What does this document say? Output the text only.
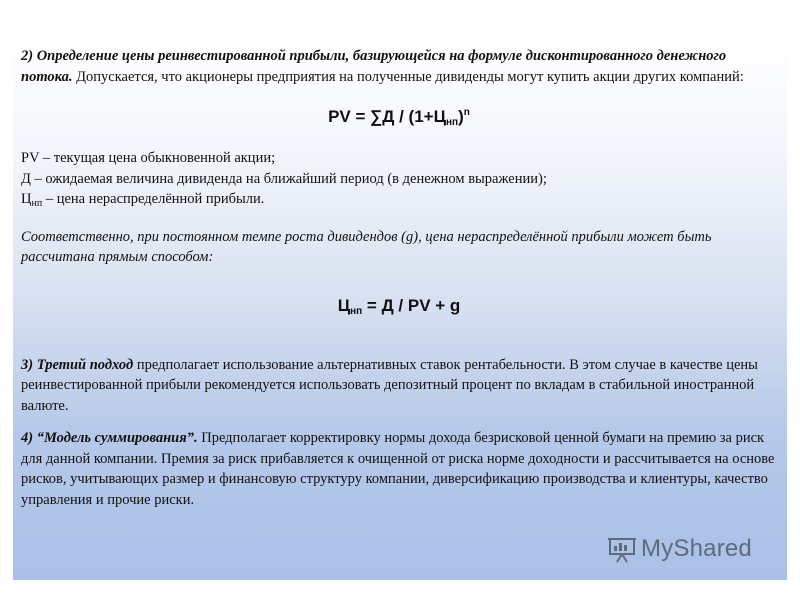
2) Определение цены реинвестированной прибыли, базирующейся на формуле дисконтированного денежного потока. Допускается, что акционеры предприятия на полученные дивиденды могут купить акции других компаний:

PV = $\sum Д / (1+Ц_{нп})^n$

PV – текущая цена обыкновенной акции;

Д – ожидаемая величина дивиденда на ближайший период (в денежном выражении);

$Ц_{нп}$ – цена нераспределённой прибыли.

Соответственно, при постоянном темпе роста дивидендов (g), цена нераспределённой прибыли может быть рассчитана прямым способом:

$Ц_{нп} = Д$ / PV + g

3) Третий подход предполагает использование альтернативных ставок рентабельности. В этом случае в качестве цены реинвестированной прибыли рекомендуется использовать депозитный процент по вкладам в стабильной иностранной валюте.

4) “Модель суммирования”. Предполагает корректировку нормы дохода безрисковой ценной бумаги на премию за риск для данной компании. Премия за риск прибавляется к очищенной от риска норме доходности и рассчитывается на основе рисков, учитывающих размер и финансовую структуру компании, диверсификацию производства и клиентуры, качество управления и прочие риски.

MyShared
